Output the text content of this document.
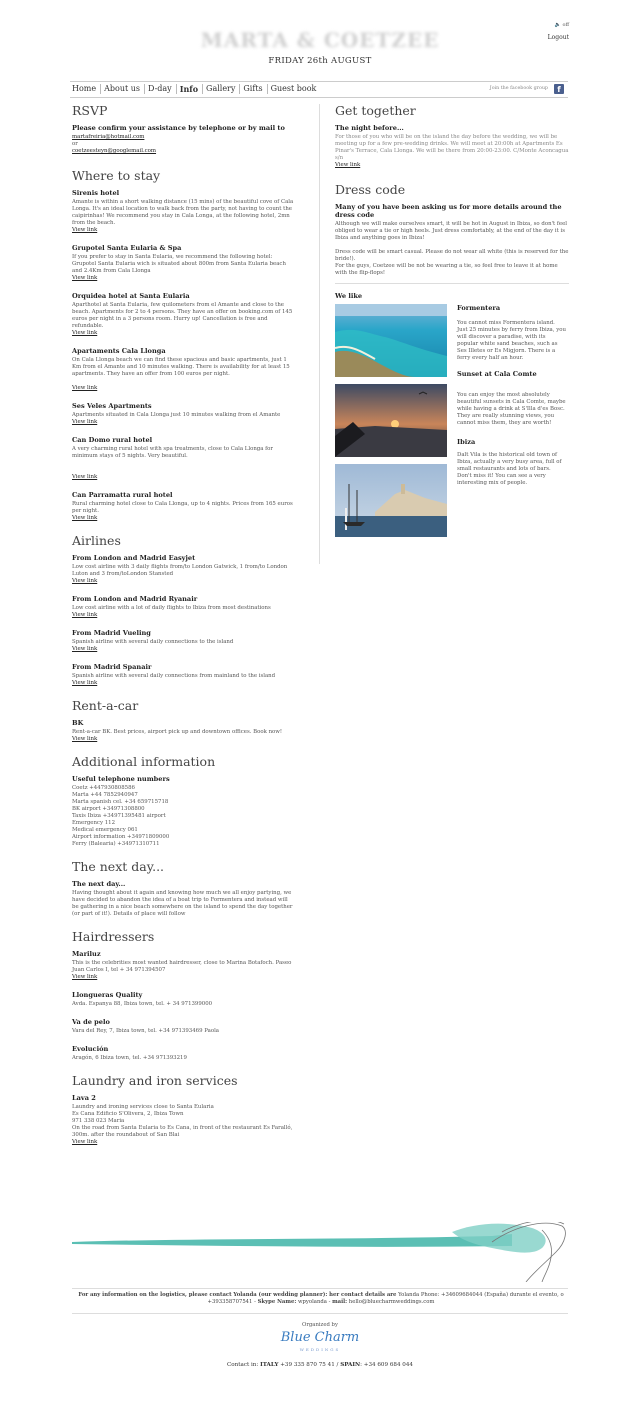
MARTA & COETZEE
FRIDAY 26th AUGUST
🔈 off
Logout
Home	About us	D-day	Info	Gallery	Gifts	Guest book	Join the facebook group	f
RSVP
Please confirm your assistance by telephone or by mail to
martafreiria@hotmail.com

or

coetzeesteyn@googlemail.com
Where to stay
Sirenis hotel

Amante is within a short walking distance (15 mins) of the beautiful cove of Cala Longa. It's an ideal location to walk back from the party, not having to count the caipirinhas! We recommend you stay in Cala Longa, at the following hotel, 2mn from the beach.

View link
Grupotel Santa Eularia & Spa

If you prefer to stay in Santa Eularia, we recommend the following hotel: Grupotel Santa Eularia wich is situated about 800m from Santa Eularia beach and 2.4Km from Cala Llonga

View link
Orquidea hotel at Santa Eularia

Aparthotel at Santa Eularia, few quilometers from el Amante and close to the beach. Apartments for 2 to 4 persons. They have an offer on booking.com of 145 euros per night in a 3 persons room. Hurry up! Cancellation is free and refundable.

View link
Apartaments Cala Llonga

On Cala Llonga beach we can find these spacious and basic apartments, just 1 Km from el Amante and 10 minutes walking. There is availability for at least 15 apartments. They have an offer from 100 euros per night.

View link
Ses Veles Apartments

Apartments situated in Cala Llonga just 10 minutes walking from el Amante

View link
Can Domo rural hotel

A very charming rural hotel with spa treatments, close to Cala Llonga for minimum stays of 5 nights. Very beautiful.

View link
Can Parramatta rural hotel

Rural charming hotel close to Cala Llonga, up to 4 nights. Prices from 165 euros per night.

View link
Airlines
From London and Madrid Easyjet

Low cost airline with 3 daily flights from/to London Gatwick, 1 from/to London Luton and 3 from/toLondon Stansted

View link
From London and Madrid Ryanair

Low cost airline with a lot of daily flights to Ibiza from most destinations

View link
From Madrid Vueling

Spanish airline with several daily connections to the island

View link
From Madrid Spanair

Spanish airline with several daily connections from mainland to the island

View link
Rent-a-car
BK

Rent-a-car BK. Best prices, airport pick up and downtown offices. Book now!

View link
Additional information
Useful telephone numbers

Coetz +447930808586

Marta +44 7852940947

Marta spanish cel. +34 659715718

BK airport +34971308800

Taxis Ibiza +34971395481 airport

Emergency 112

Medical emergency 061

Airport information +34971809000

Ferry (Balearia) +34971310711

The next day...
The next day...

Having thought about it again and knowing how much we all enjoy partying, we have decided to abandon the idea of a boat trip to Formentera and instead will be gathering in a nice beach somewhere on the island to spend the day together (or part of it!). Details of place will follow

Hairdressers
Mariluz

This is the celebrities most wanted hairdresser, close to Marina Botafoch. Paseo Juan Carlos I, tel + 34 971394507

View link
Llongueras Quality

Avda. Espanya 88, Ibiza town, tel. + 34 971399000

Va de pelo

Vara del Rey, 7, Ibiza town, tel. +34 971393469 Paola

Evolución

Aragón, 6 Ibiza town, tel. +34 971393219

Laundry and iron services
Lava 2

Laundry and ironing services close to Santa Eularia

Es Cana Edificio S'Olivera, 2, Ibiza Town

971 338 023 Maria

On the road from Santa Eularia to Es Cana, in front of the restaurant Es Faralló, 300m. after the roundabout of San Blai

View link
Get together
The night before...

For those of you who will be on the island the day before the wedding, we will be meeting up for a few pre-wedding drinks. We will meet at 20:00h at Apartments Es Pinar's Terrace, Cala Llonga. We will be there from 20:00-23:00. C/Monte Aconcagua s/n

View link
Dress code
Many of you have been asking us for more details around the dress code

Although we will make ourselves smart, it will be hot in August in Ibiza, so don't feel obliged to wear a tie or high heels. Just dress comfortably, at the end of the day it is Ibiza and anything goes in Ibiza!

Dress code will be smart casual. Please do not wear all white (this is reserved for the bride!).

For the guys, Coetzee will be not be wearing a tie, so feel free to leave it at home with the flip-flops!

We like
Formentera

You cannot miss Formentera island. Just 25 minutes by ferry from Ibiza, you will discover a paradise, with its popular white sand beaches, such as Ses Illetes or Es Migjorn. There is a ferry every half an hour.

Sunset at Cala Comte

You can enjoy the most absolutely beautiful sunsets in Cala Comte, maybe while having a drink at S'Illa d'es Bosc. They are really stunning views, you cannot miss them, they are worth!

Ibiza

Dalt Vila is the historical old town of Ibiza, actually a very busy area, full of small restaurants and lots of bars. Don't miss it! You can see a very interesting mix of people.

For any information on the logistics, please contact Yolanda (our wedding planner): her contact details are Yolanda Phone: +34609684044 (España) durante el evento, o +393358707541 - Skype Name: wpyolanda - mail: hello@bluecharmweddings.com
Organized by
Blue Charm
WEDDINGS
Contact in: ITALY +39 335 870 75 41 / SPAIN: +34 609 684 044
